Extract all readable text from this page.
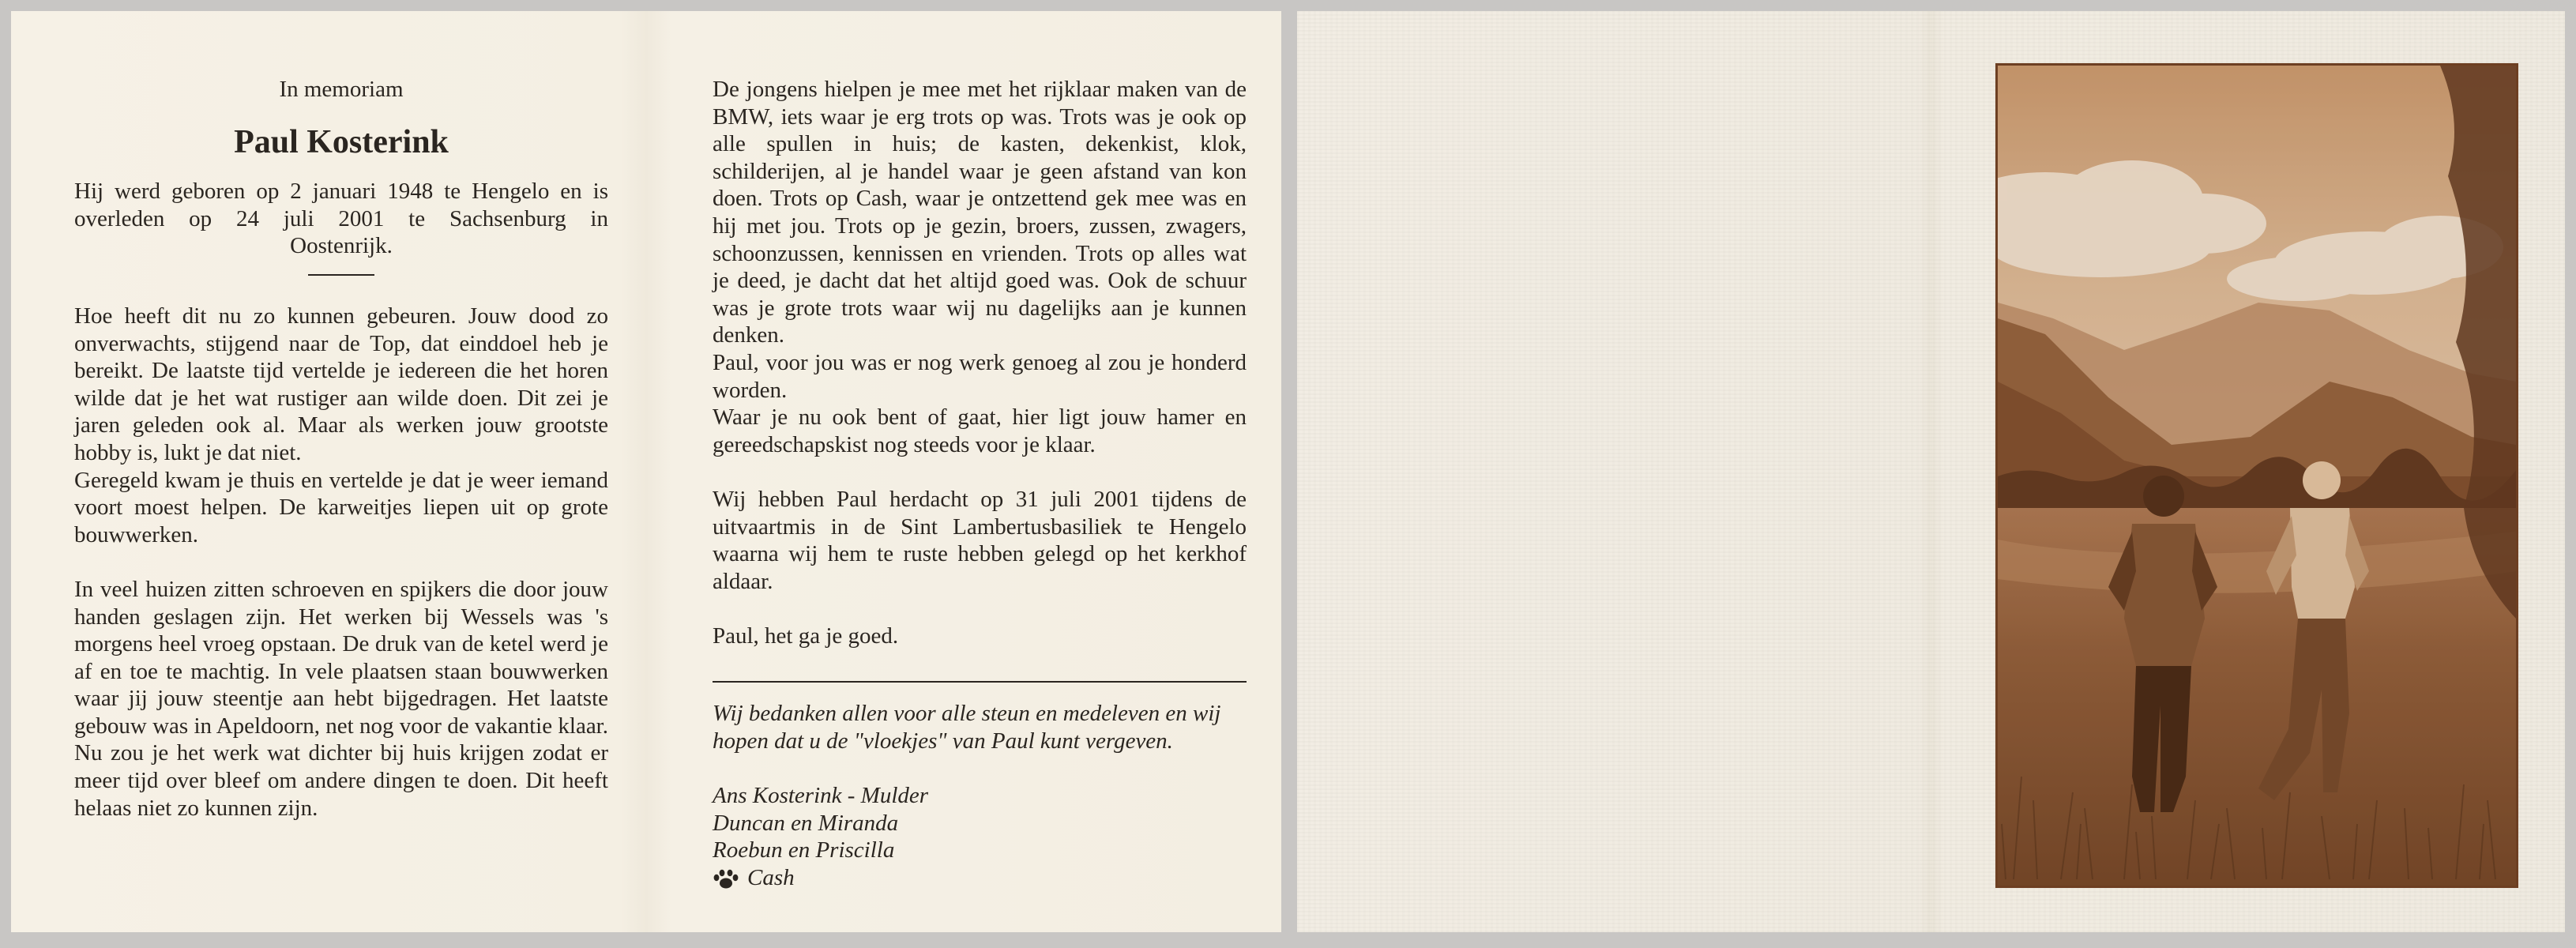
In memoriam

Paul Kosterink

Hij werd geboren op 2 januari 1948 te Hengelo en is
overleden op 24 juli 2001 te Sachsenburg in
Oostenrijk.

Hoe heeft dit nu zo kunnen gebeuren. Jouw dood zo onverwachts, stijgend naar de Top, dat einddoel heb je bereikt. De laatste tijd vertelde je iedereen die het horen wilde dat je het wat rustiger aan wilde doen. Dit zei je jaren geleden ook al. Maar als werken jouw grootste hobby is, lukt je dat niet.

Geregeld kwam je thuis en vertelde je dat je weer iemand voort moest helpen. De karweitjes liepen uit op grote bouwwerken.

In veel huizen zitten schroeven en spijkers die door jouw handen geslagen zijn. Het werken bij Wessels was 's morgens heel vroeg opstaan. De druk van de ketel werd je af en toe te machtig. In vele plaatsen staan bouwwerken waar jij jouw steentje aan hebt bijgedragen. Het laatste gebouw was in Apeldoorn, net nog voor de vakantie klaar. Nu zou je het werk wat dichter bij huis krijgen zodat er meer tijd over bleef om andere dingen te doen. Dit heeft helaas niet zo kunnen zijn.

De jongens hielpen je mee met het rijklaar maken van de BMW, iets waar je erg trots op was. Trots was je ook op alle spullen in huis; de kasten, dekenkist, klok, schilderijen, al je handel waar je geen afstand van kon doen. Trots op Cash, waar je ontzettend gek mee was en hij met jou. Trots op je gezin, broers, zussen, zwagers, schoonzussen, kennissen en vrienden. Trots op alles wat je deed, je dacht dat het altijd goed was. Ook de schuur was je grote trots waar wij nu dagelijks aan je kunnen denken.

Paul, voor jou was er nog werk genoeg al zou je honderd worden.

Waar je nu ook bent of gaat, hier ligt jouw hamer en gereedschapskist nog steeds voor je klaar.

Wij hebben Paul herdacht op 31 juli 2001 tijdens de uitvaartmis in de Sint Lambertusbasiliek te Hengelo waarna wij hem te ruste hebben gelegd op het kerkhof aldaar.

Paul, het ga je goed.

Wij bedanken allen voor alle steun en medeleven en wij hopen dat u de "vloekjes" van Paul kunt vergeven.

Ans Kosterink - Mulder

Duncan en Miranda

Roebun en Priscilla

Cash
